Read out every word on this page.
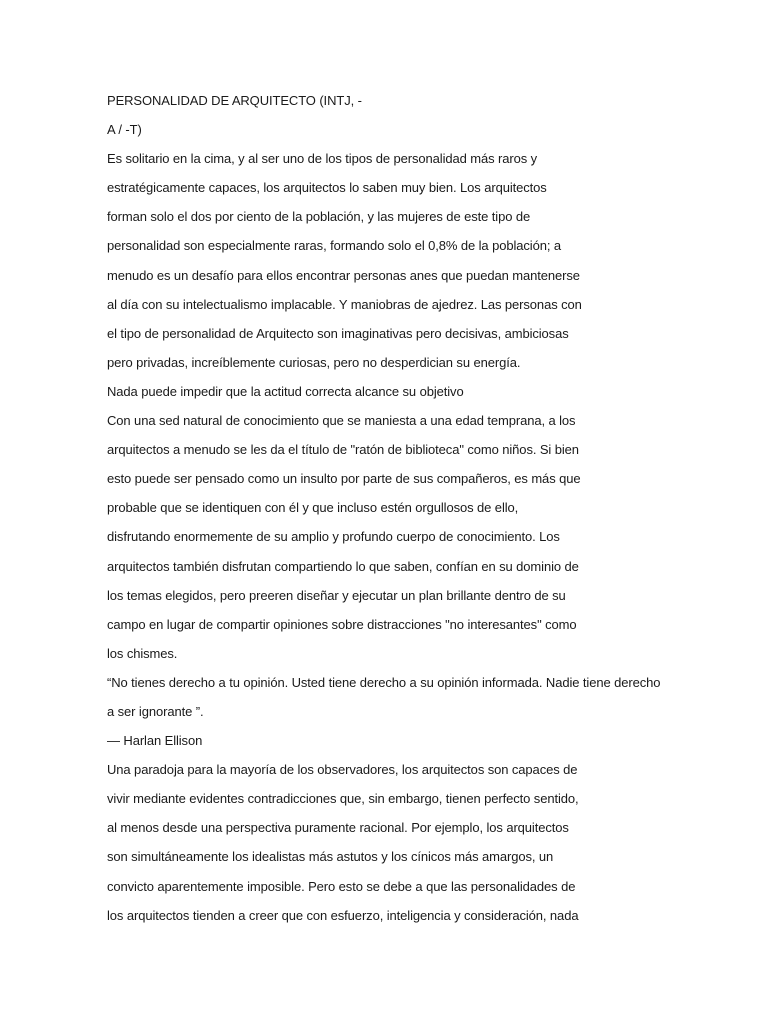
PERSONALIDAD DE ARQUITECTO (INTJ, -
A / -T)
Es solitario en la cima, y al ser uno de los tipos de personalidad más raros y
estratégicamente capaces, los arquitectos lo saben muy bien. Los arquitectos
forman solo el dos por ciento de la población, y las mujeres de este tipo de
personalidad son especialmente raras, formando solo el 0,8% de la población; a
menudo es un desafío para ellos encontrar personas anes que puedan mantenerse
al día con su intelectualismo implacable. Y maniobras de ajedrez. Las personas con
el tipo de personalidad de Arquitecto son imaginativas pero decisivas, ambiciosas
pero privadas, increíblemente curiosas, pero no desperdician su energía.
Nada puede impedir que la actitud correcta alcance su objetivo
Con una sed natural de conocimiento que se maniesta a una edad temprana, a los
arquitectos a menudo se les da el título de "ratón de biblioteca" como niños. Si bien
esto puede ser pensado como un insulto por parte de sus compañeros, es más que
probable que se identiquen con él y que incluso estén orgullosos de ello,
disfrutando enormemente de su amplio y profundo cuerpo de conocimiento. Los
arquitectos también disfrutan compartiendo lo que saben, confían en su dominio de
los temas elegidos, pero preeren diseñar y ejecutar un plan brillante dentro de su
campo en lugar de compartir opiniones sobre distracciones "no interesantes" como
los chismes.
“No tienes derecho a tu opinión. Usted tiene derecho a su opinión informada. Nadie tiene derecho
a ser ignorante ”.
— Harlan Ellison
Una paradoja para la mayoría de los observadores, los arquitectos son capaces de
vivir mediante evidentes contradicciones que, sin embargo, tienen perfecto sentido,
al menos desde una perspectiva puramente racional. Por ejemplo, los arquitectos
son simultáneamente los idealistas más astutos y los cínicos más amargos, un
convicto aparentemente imposible. Pero esto se debe a que las personalidades de
los arquitectos tienden a creer que con esfuerzo, inteligencia y consideración, nada
